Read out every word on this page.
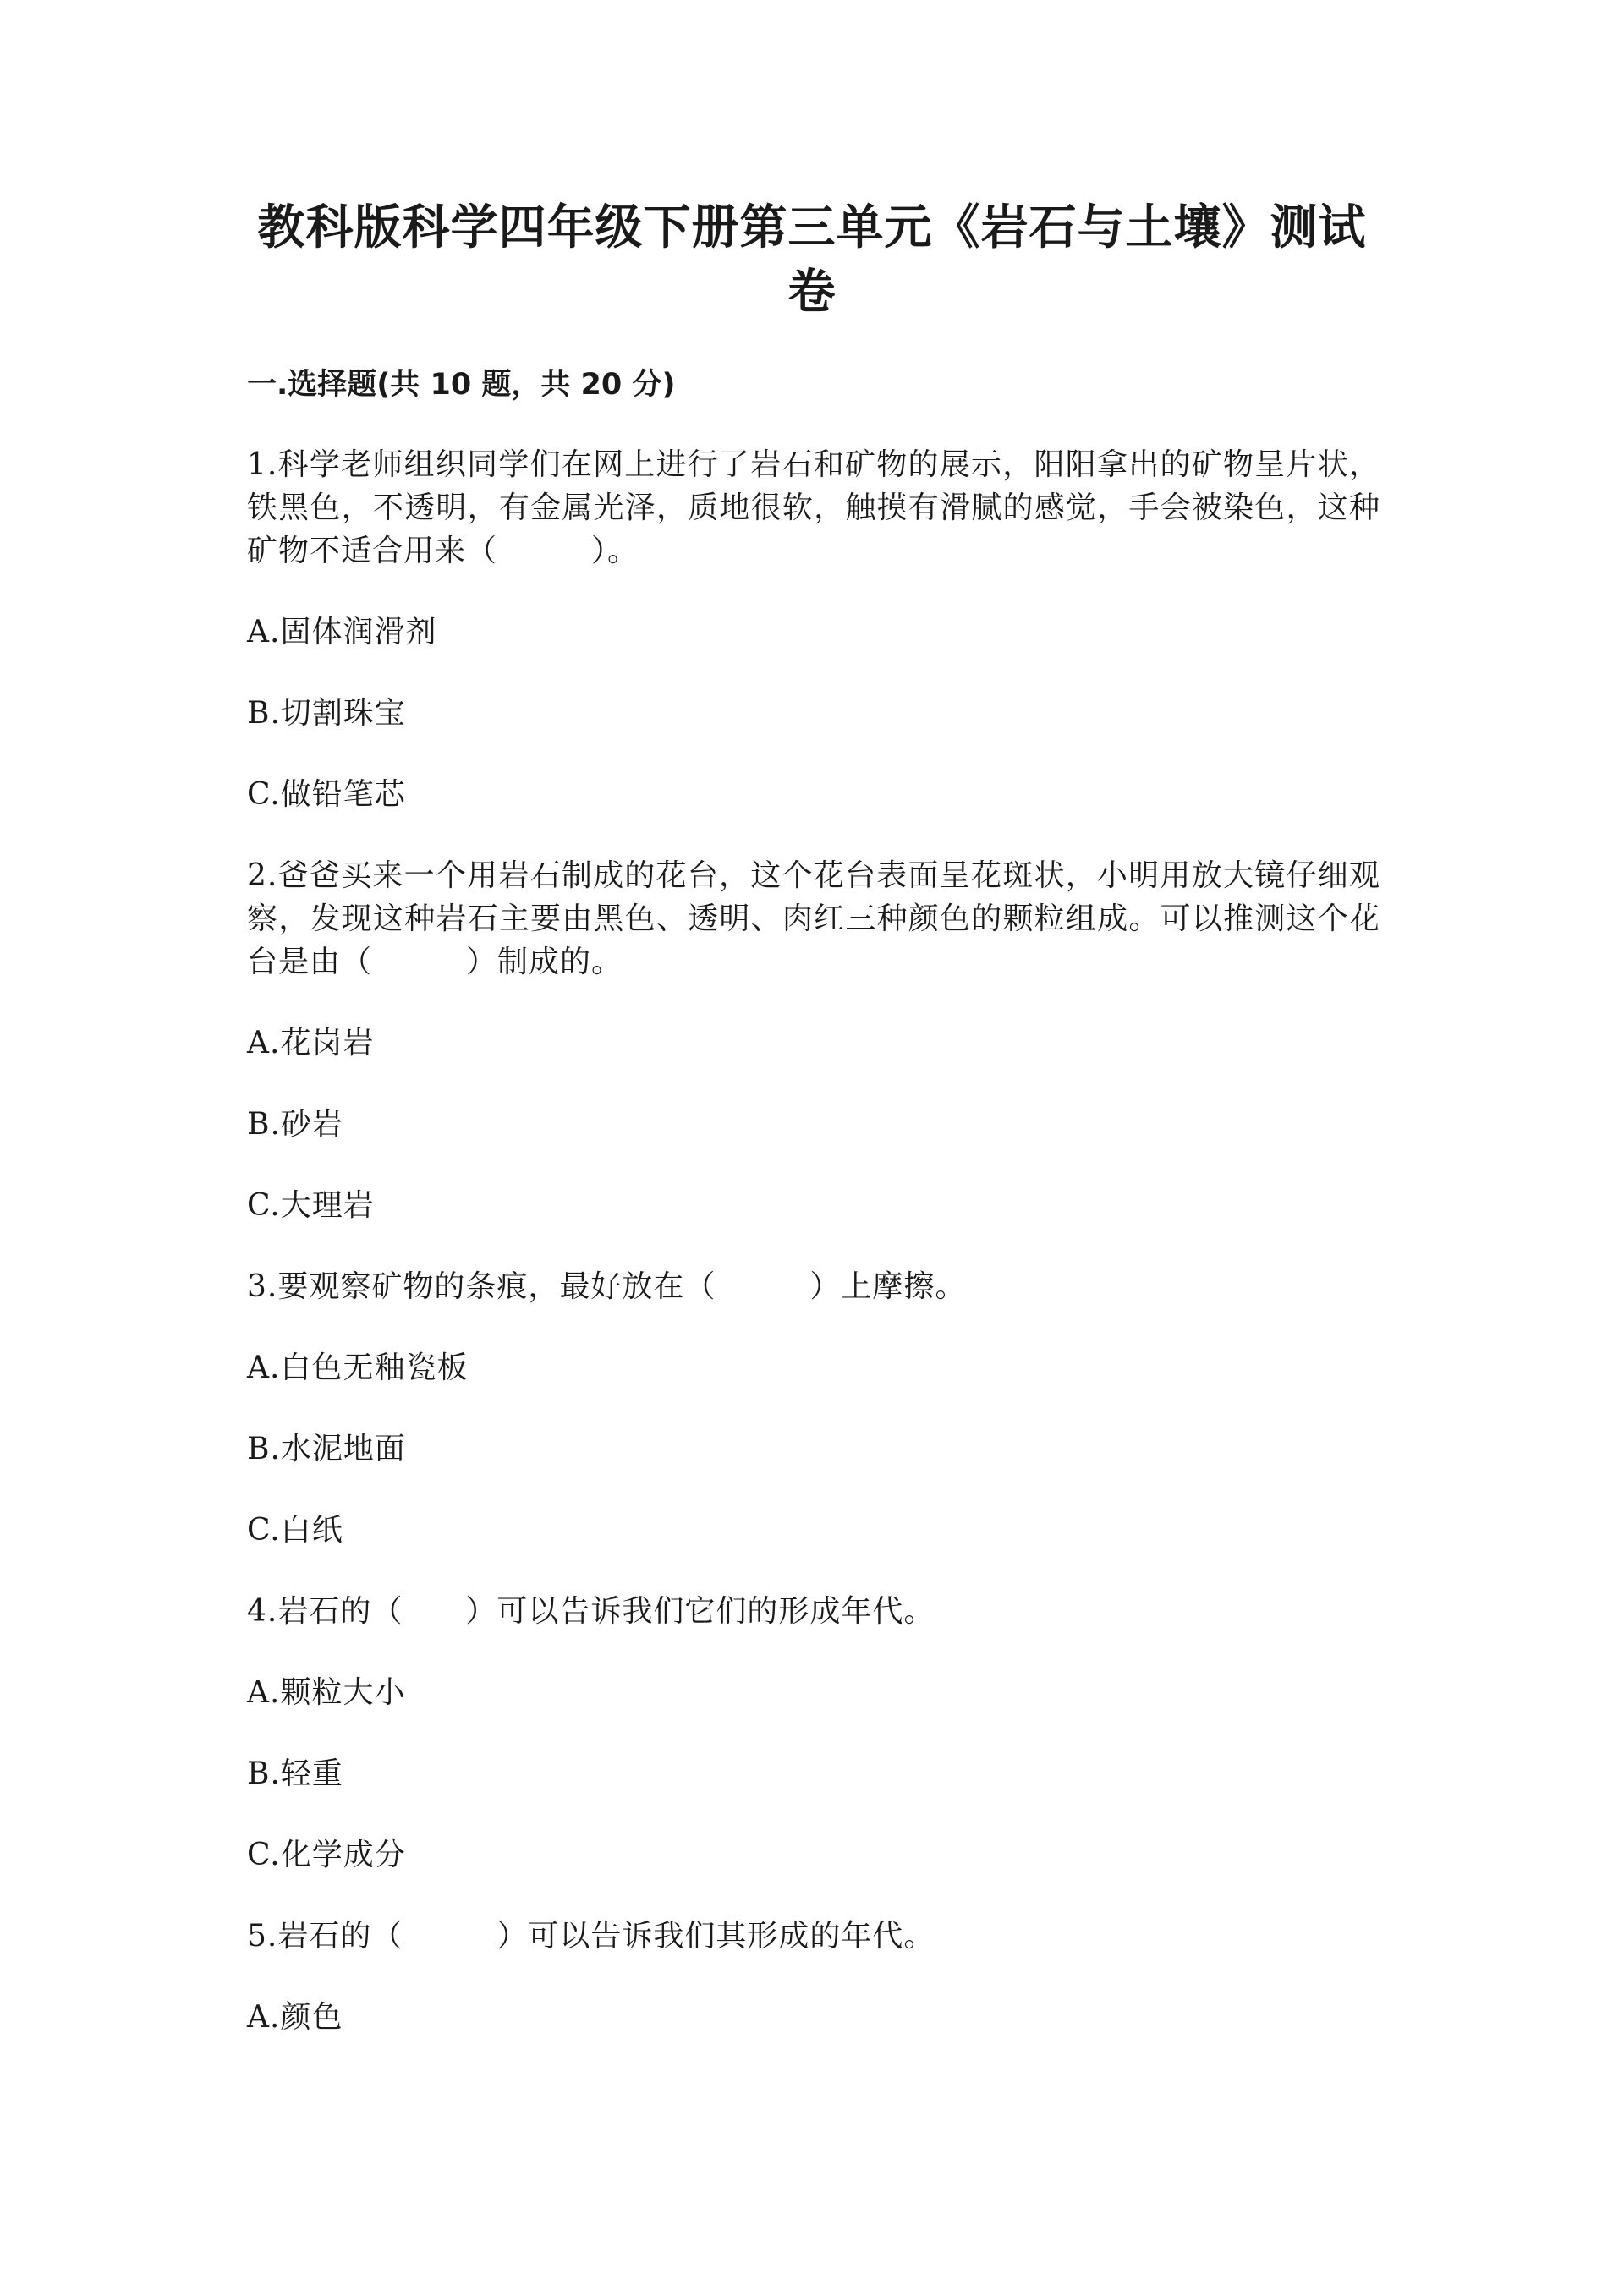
教科版科学四年级下册第三单元《岩石与土壤》测试卷
一.选择题(共 10 题，共 20 分)

1.科学老师组织同学们在网上进行了岩石和矿物的展示，阳阳拿出的矿物呈片状，铁黑色，不透明，有金属光泽，质地很软，触摸有滑腻的感觉，手会被染色，这种矿物不适合用来（　　　）。

A.固体润滑剂

B.切割珠宝

C.做铅笔芯

2.爸爸买来一个用岩石制成的花台，这个花台表面呈花斑状，小明用放大镜仔细观察，发现这种岩石主要由黑色、透明、肉红三种颜色的颗粒组成。可以推测这个花台是由（　　　）制成的。

A.花岗岩

B.砂岩

C.大理岩

3.要观察矿物的条痕，最好放在（　　　）上摩擦。

A.白色无釉瓷板

B.水泥地面

C.白纸

4.岩石的（　　）可以告诉我们它们的形成年代。

A.颗粒大小

B.轻重

C.化学成分

5.岩石的（　　　）可以告诉我们其形成的年代。

A.颜色
